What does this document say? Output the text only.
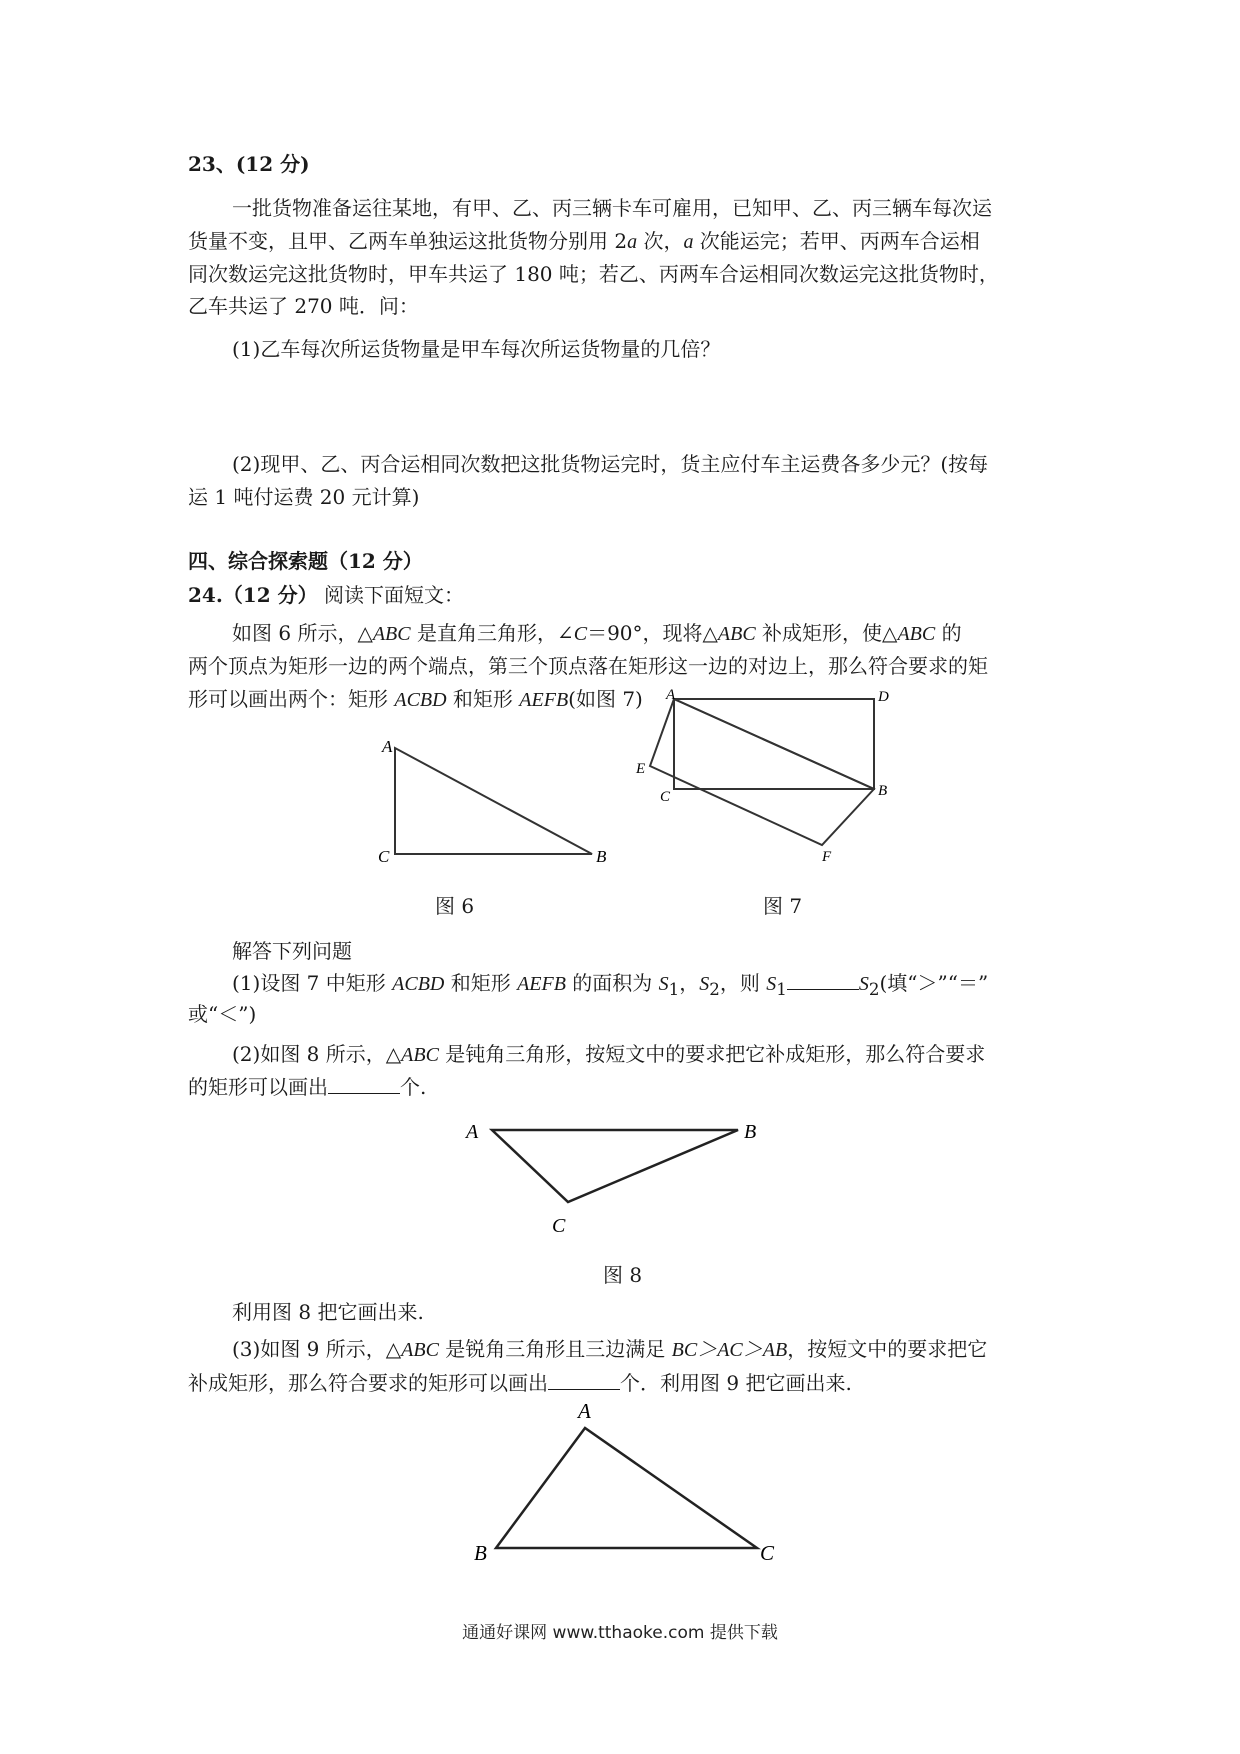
23、(12 分)
一批货物准备运往某地，有甲、乙、丙三辆卡车可雇用，已知甲、乙、丙三辆车每次运
货量不变，且甲、乙两车单独运这批货物分别用 2a 次，a 次能运完；若甲、丙两车合运相
同次数运完这批货物时，甲车共运了 180 吨；若乙、丙两车合运相同次数运完这批货物时，
乙车共运了 270 吨．问：
(1)乙车每次所运货物量是甲车每次所运货物量的几倍？
(2)现甲、乙、丙合运相同次数把这批货物运完时，货主应付车主运费各多少元？(按每
运 1 吨付运费 20 元计算)
四、综合探索题（12 分）
24.（12 分） 阅读下面短文：
如图 6 所示，△ABC 是直角三角形，∠C＝90°，现将△ABC 补成矩形，使△ABC 的
两个顶点为矩形一边的两个端点，第三个顶点落在矩形这一边的对边上，那么符合要求的矩
形可以画出两个：矩形 ACBD 和矩形 AEFB(如图 7)
A
C	B
A	D
E
C	B
F
图 6	图 7
解答下列问题
(1)设图 7 中矩形 ACBD 和矩形 AEFB 的面积为 $S_1$，$S_2$，则 $S_1$	$S_2$(填“＞”“＝”
或“＜”)
(2)如图 8 所示，△ABC 是钝角三角形，按短文中的要求把它补成矩形，那么符合要求
的矩形可以画出	个.
A	B
C
图 8
利用图 8 把它画出来.
(3)如图 9 所示，△ABC 是锐角三角形且三边满足 BC＞AC＞AB，按短文中的要求把它
补成矩形，那么符合要求的矩形可以画出	个．利用图 9 把它画出来.
A
B	C
通通好课网 www.tthaoke.com 提供下载
